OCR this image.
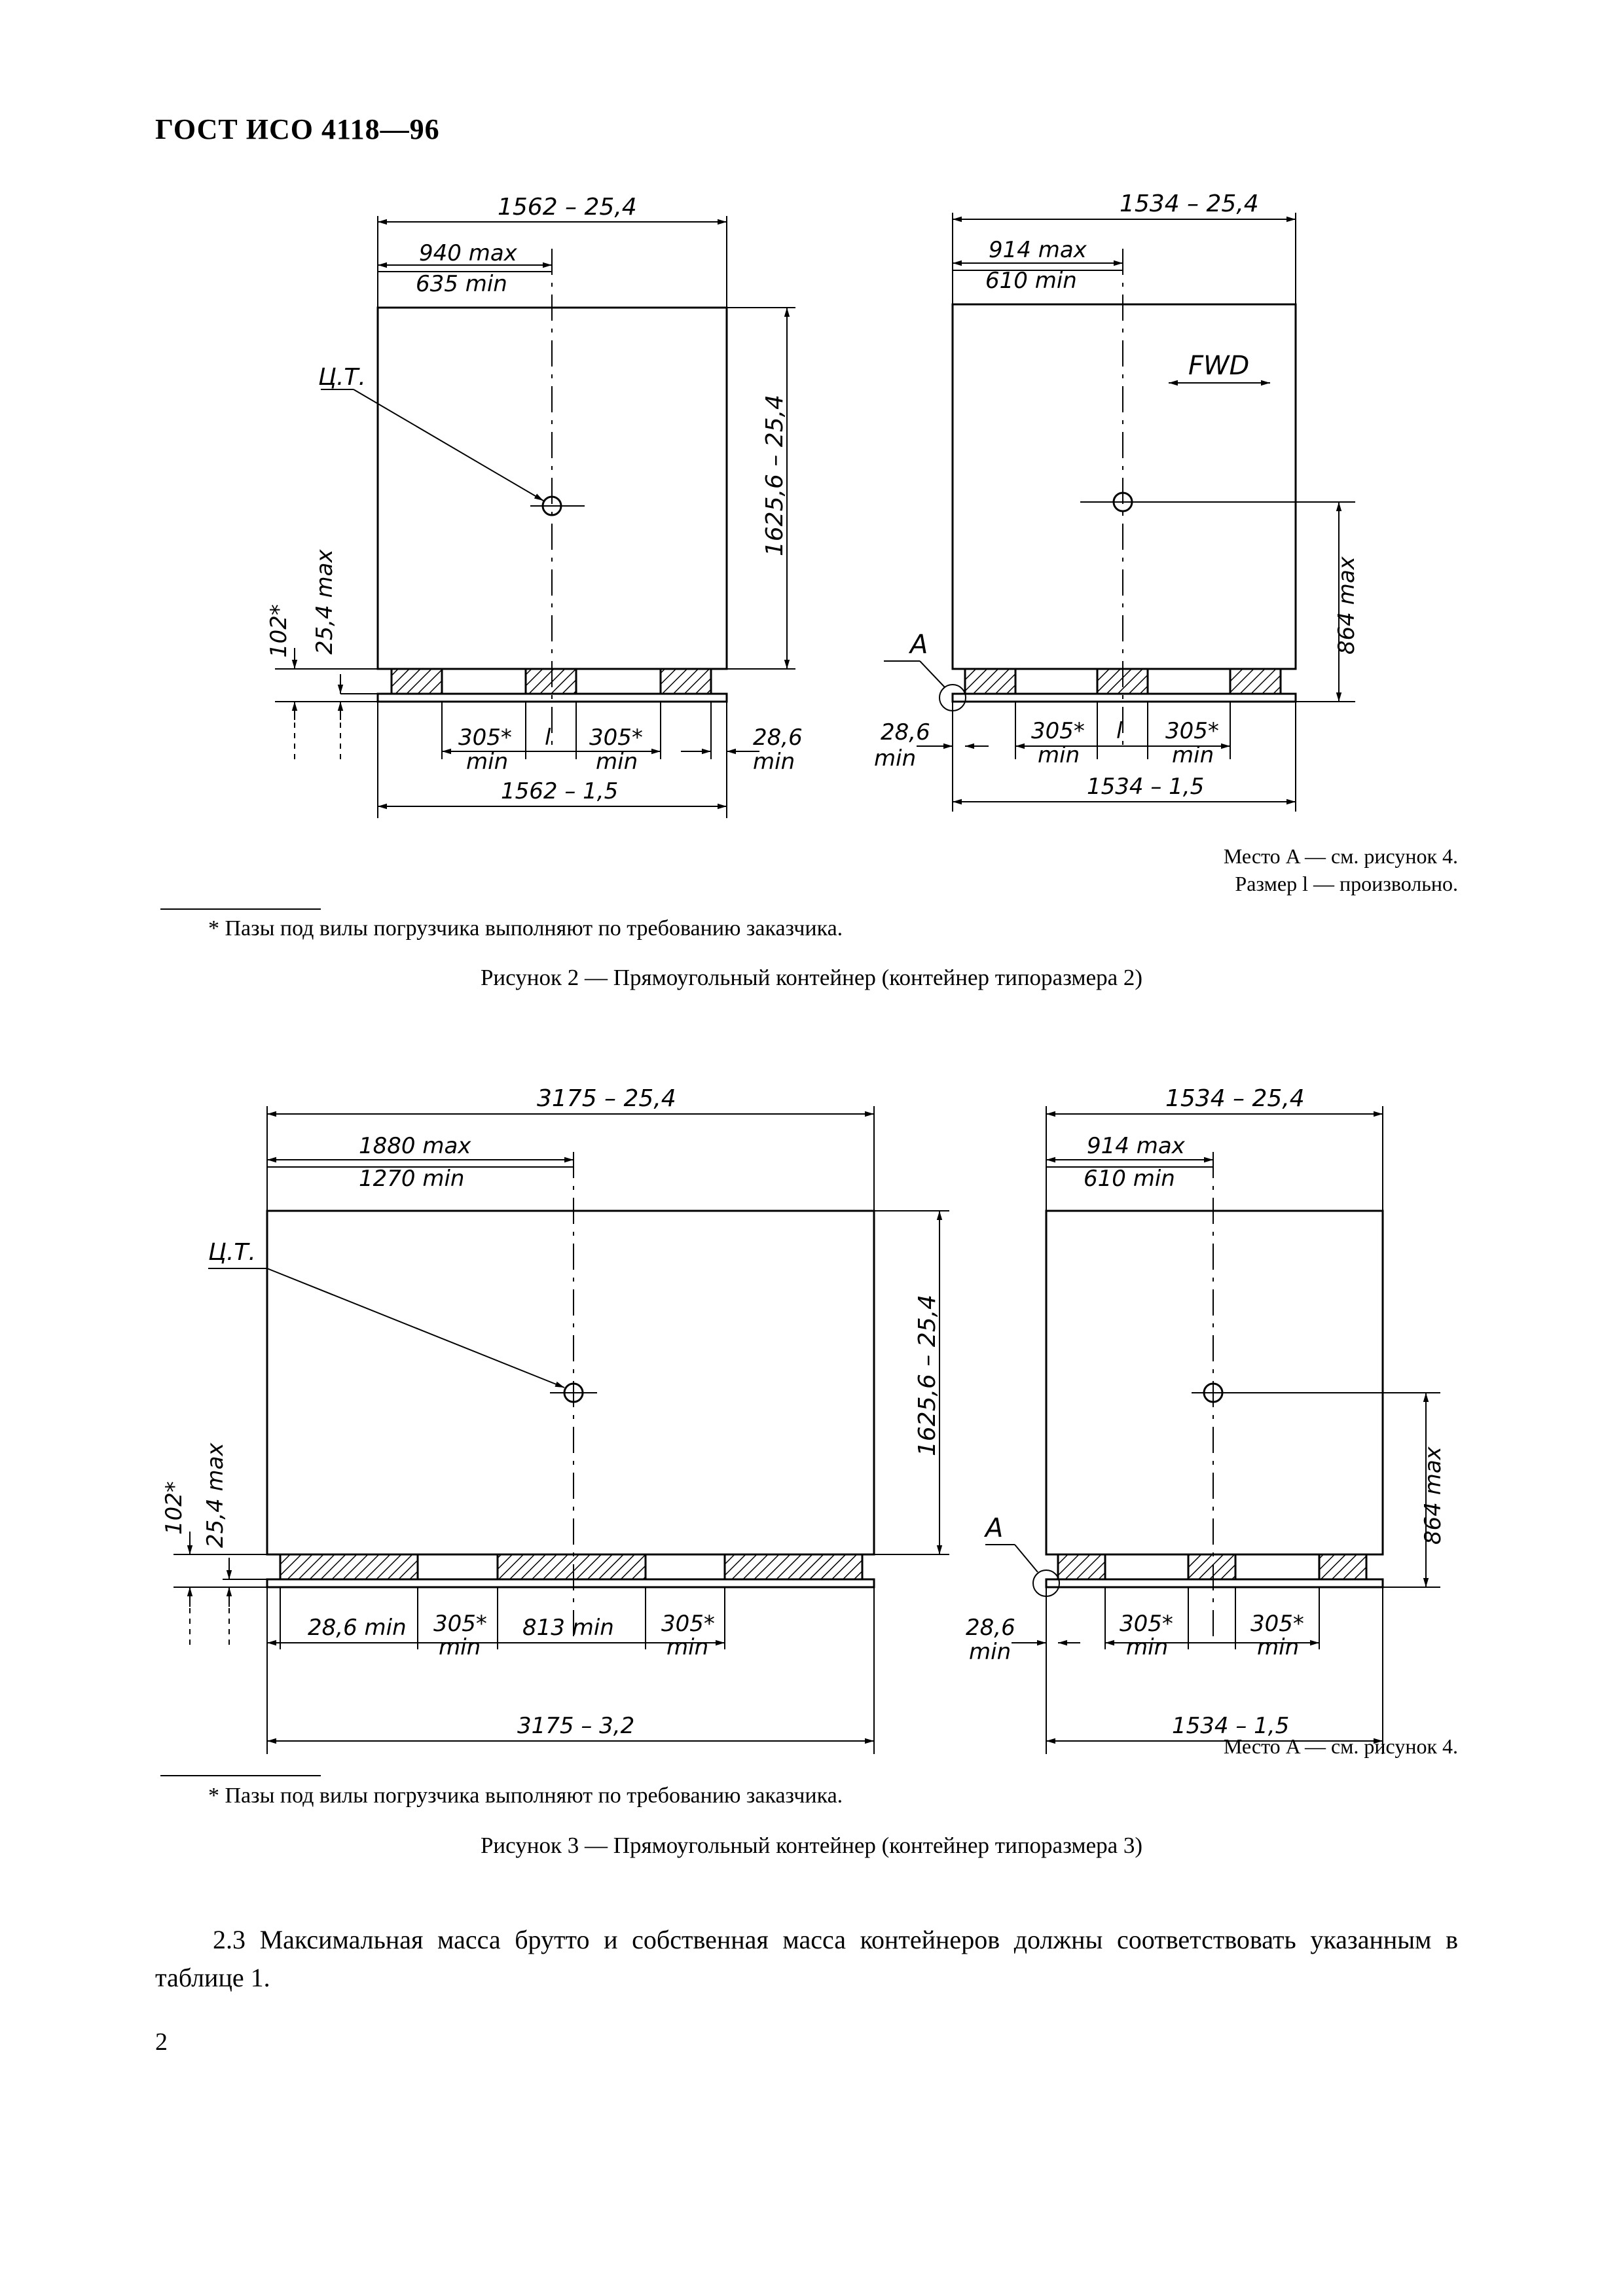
ГОСТ ИСО 4118—96
1562 – 25,4
940 max
635 min
Ц.Т.
1625,6 – 25,4
102* 25,4 max
305*
min
l 305*
min
28,6
min
1562 – 1,5
1534 – 25,4
914 max
610 min
FWD
864 max
A
28,6
min
305*
min
l 305*
min
1534 – 1,5
3175 – 25,4
1880 max
1270 min
Ц.Т.
1625,6 – 25,4
102* 25,4 max
28,6 min 305*
min
813 min 305*
min
3175 – 3,2
1534 – 25,4
914 max
610 min
864 max
A
28,6
min
305*
min
305*
min
1534 – 1,5
Место A — см. рисунок 4.
Размер l — произвольно.
* Пазы под вилы погрузчика выполняют по требованию заказчика.
Рисунок 2 — Прямоугольный контейнер (контейнер типоразмера 2)
Место A — см. рисунок 4.
* Пазы под вилы погрузчика выполняют по требованию заказчика.
Рисунок 3 — Прямоугольный контейнер (контейнер типоразмера 3)
2.3 Максимальная масса брутто и собственная масса контейнеров должны соответствовать указанным в таблице 1.
2
